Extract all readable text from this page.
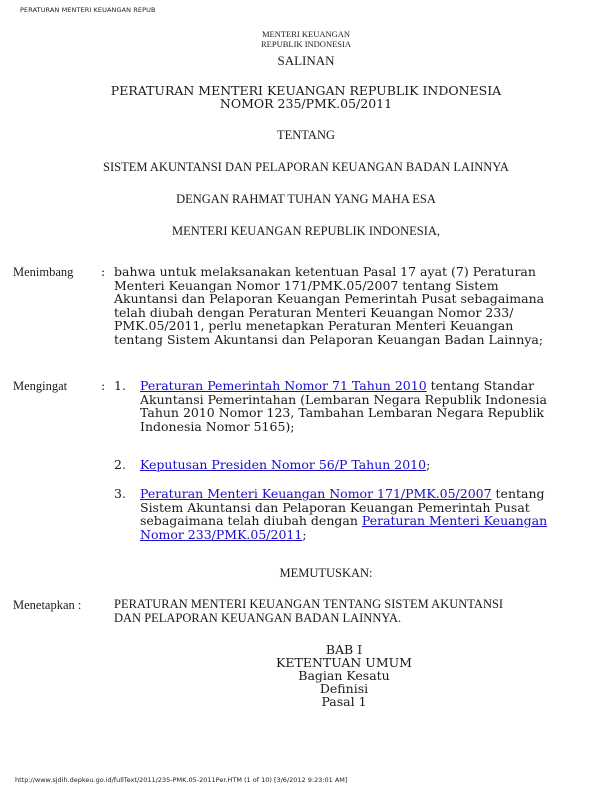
PERATURAN MENTERI KEUANGAN REPUB
MENTERI KEUANGAN
REPUBLIK INDONESIA
SALINAN
PERATURAN MENTERI KEUANGAN REPUBLIK INDONESIA
NOMOR 235/PMK.05/2011
TENTANG
SISTEM AKUNTANSI DAN PELAPORAN KEUANGAN BADAN LAINNYA
DENGAN RAHMAT TUHAN YANG MAHA ESA
MENTERI KEUANGAN REPUBLIK INDONESIA,
Menimbang : bahwa untuk melaksanakan ketentuan Pasal 17 ayat (7) Peraturan
Menteri Keuangan Nomor 171/PMK.05/2007 tentang Sistem
Akuntansi dan Pelaporan Keuangan Pemerintah Pusat sebagaimana
telah diubah dengan Peraturan Menteri Keuangan Nomor 233/
PMK.05/2011, perlu menetapkan Peraturan Menteri Keuangan
tentang Sistem Akuntansi dan Pelaporan Keuangan Badan Lainnya;
Mengingat	: 1. Peraturan Pemerintah Nomor 71 Tahun 2010 tentang Standar
Akuntansi Pemerintahan (Lembaran Negara Republik Indonesia
Tahun 2010 Nomor 123, Tambahan Lembaran Negara Republik
Indonesia Nomor 5165);
2. Keputusan Presiden Nomor 56/P Tahun 2010;
3. Peraturan Menteri Keuangan Nomor 171/PMK.05/2007 tentang
Sistem Akuntansi dan Pelaporan Keuangan Pemerintah Pusat
sebagaimana telah diubah dengan Peraturan Menteri Keuangan
Nomor 233/PMK.05/2011;
MEMUTUSKAN:
Menetapkan :	PERATURAN MENTERI KEUANGAN TENTANG SISTEM AKUNTANSI
DAN PELAPORAN KEUANGAN BADAN LAINNYA.
BAB I
KETENTUAN UMUM
Bagian Kesatu
Definisi
Pasal 1
http://www.sjdih.depkeu.go.id/fullText/2011/235-PMK.05-2011Per.HTM (1 of 10) [3/6/2012 9:23:01 AM]
